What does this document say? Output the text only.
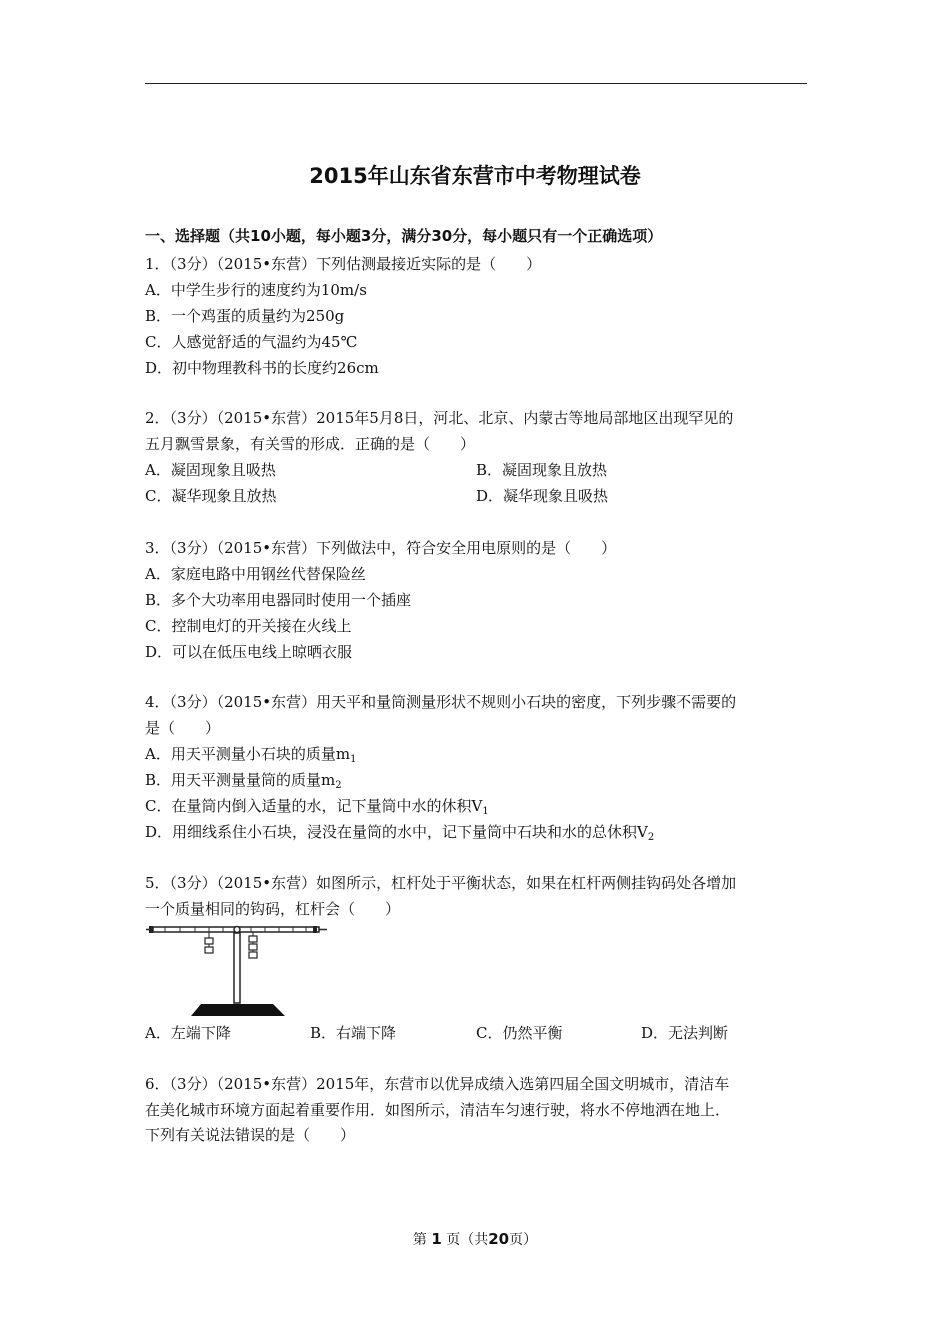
2015年山东省东营市中考物理试卷
一、选择题（共10小题，每小题3分，满分30分，每小题只有一个正确选项）
1．（3分）（2015•东营）下列估测最接近实际的是（　　）
A．中学生步行的速度约为10m/s
B．一个鸡蛋的质量约为250g
C．人感觉舒适的气温约为45℃
D．初中物理教科书的长度约26cm
2．（3分）（2015•东营）2015年5月8日，河北、北京、内蒙古等地局部地区出现罕见的
五月飘雪景象，有关雪的形成．正确的是（　　）
A．凝固现象且吸热	B．凝固现象且放热
C．凝华现象且放热	D．凝华现象且吸热
3．（3分）（2015•东营）下列做法中，符合安全用电原则的是（　　）
A．家庭电路中用钢丝代替保险丝
B．多个大功率用电器同时使用一个插座
C．控制电灯的开关接在火线上
D．可以在低压电线上晾晒衣服
4．（3分）（2015•东营）用天平和量筒测量形状不规则小石块的密度，下列步骤不需要的
是（　　）
A．用天平测量小石块的质量$m_1$
B．用天平测量量筒的质量$m_2$
C．在量筒内倒入适量的水，记下量筒中水的休积$V_1$
D．用细线系住小石块，浸没在量筒的水中，记下量筒中石块和水的总休积$V_2$
5．（3分）（2015•东营）如图所示，杠杆处于平衡状态，如果在杠杆两侧挂钩码处各增加
一个质量相同的钩码，杠杆会（　　）
A．左端下降	B．右端下降	C．仍然平衡	D．无法判断
6．（3分）（2015•东营）2015年，东营市以优异成绩入选第四届全国文明城市，清洁车
在美化城市环境方面起着重要作用．如图所示，清洁车匀速行驶，将水不停地洒在地上．
下列有关说法错误的是（　　）
第 1 页（共20页）
